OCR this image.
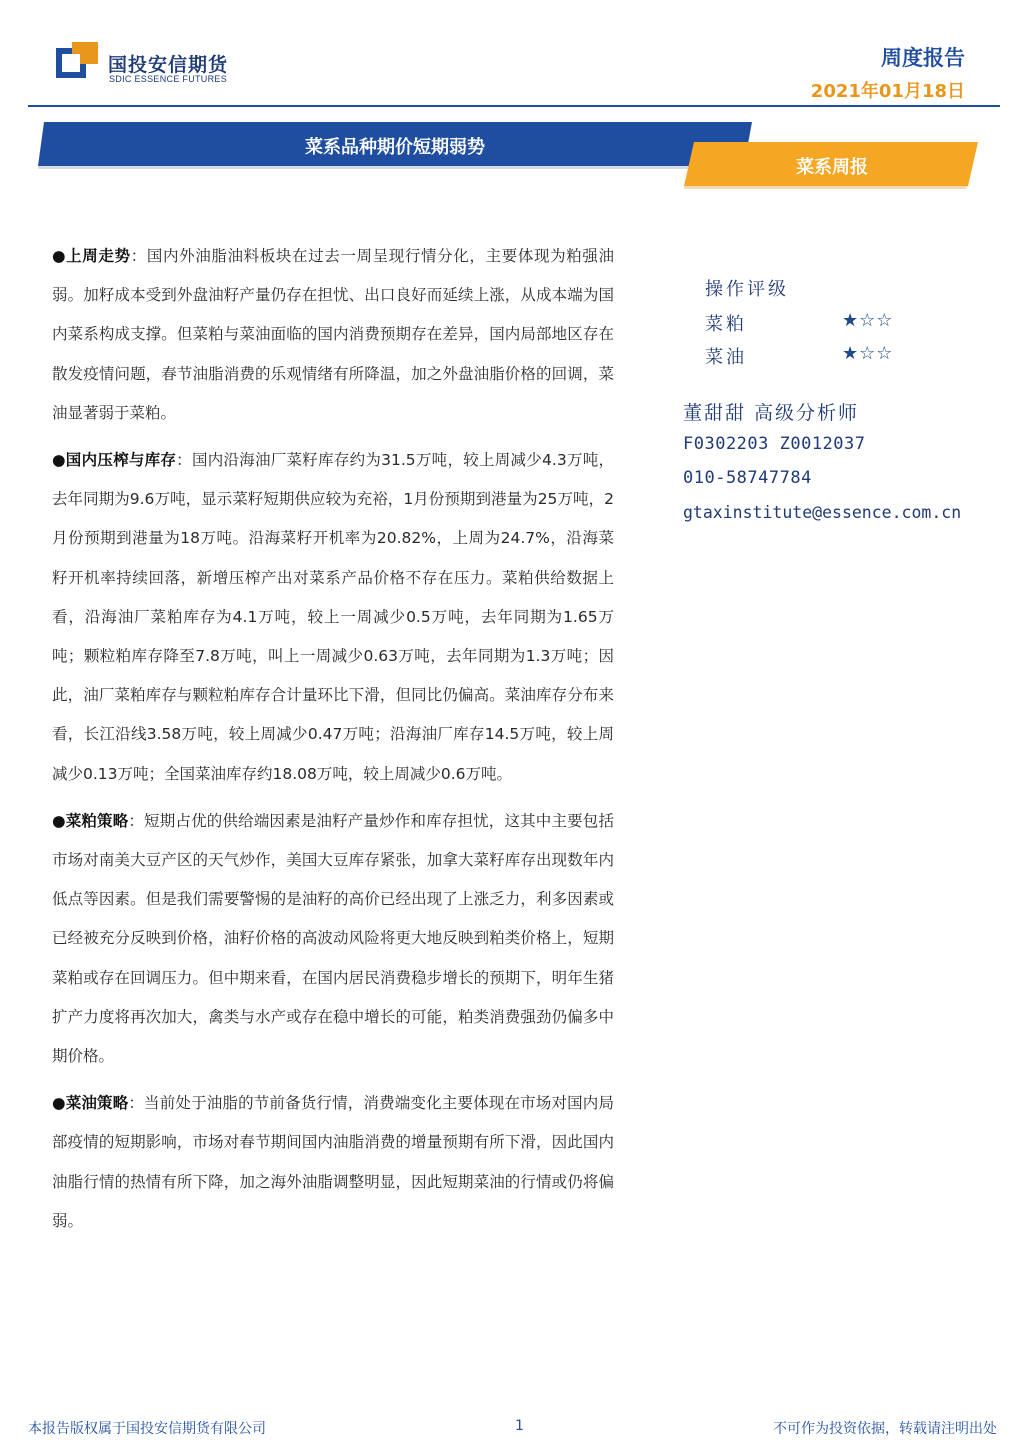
国投安信期货
SDIC ESSENCE FUTURES
周度报告
2021年01月18日
菜系品种期价短期弱势
菜系周报

●上周走势：国内外油脂油料板块在过去一周呈现行情分化，主要体现为粕强油弱。加籽成本受到外盘油籽产量仍存在担忧、出口良好而延续上涨，从成本端为国内菜系构成支撑。但菜粕与菜油面临的国内消费预期存在差异，国内局部地区存在散发疫情问题，春节油脂消费的乐观情绪有所降温，加之外盘油脂价格的回调，菜油显著弱于菜粕。

●国内压榨与库存：国内沿海油厂菜籽库存约为31.5万吨，较上周减少4.3万吨，去年同期为9.6万吨，显示菜籽短期供应较为充裕，1月份预期到港量为25万吨，2月份预期到港量为18万吨。沿海菜籽开机率为20.82%，上周为24.7%，沿海菜籽开机率持续回落，新增压榨产出对菜系产品价格不存在压力。菜粕供给数据上看，沿海油厂菜粕库存为4.1万吨，较上一周减少0.5万吨，去年同期为1.65万吨；颗粒粕库存降至7.8万吨，叫上一周减少0.63万吨，去年同期为1.3万吨；因此，油厂菜粕库存与颗粒粕库存合计量环比下滑，但同比仍偏高。菜油库存分布来看，长江沿线3.58万吨，较上周减少0.47万吨；沿海油厂库存14.5万吨，较上周减少0.13万吨；全国菜油库存约18.08万吨，较上周减少0.6万吨。

●菜粕策略：短期占优的供给端因素是油籽产量炒作和库存担忧，这其中主要包括市场对南美大豆产区的天气炒作，美国大豆库存紧张，加拿大菜籽库存出现数年内低点等因素。但是我们需要警惕的是油籽的高价已经出现了上涨乏力，利多因素或已经被充分反映到价格，油籽价格的高波动风险将更大地反映到粕类价格上，短期菜粕或存在回调压力。但中期来看，在国内居民消费稳步增长的预期下，明年生猪扩产力度将再次加大，禽类与水产或存在稳中增长的可能，粕类消费强劲仍偏多中期价格。

●菜油策略：当前处于油脂的节前备货行情，消费端变化主要体现在市场对国内局部疫情的短期影响，市场对春节期间国内油脂消费的增量预期有所下滑，因此国内油脂行情的热情有所下降，加之海外油脂调整明显，因此短期菜油的行情或仍将偏弱。

操作评级
菜粕	★☆☆
菜油	★☆☆
董甜甜 高级分析师
F0302203 Z0012037
010-58747784
gtaxinstitute@essence.com.cn
本报告版权属于国投安信期货有限公司	1	不可作为投资依据，转载请注明出处
